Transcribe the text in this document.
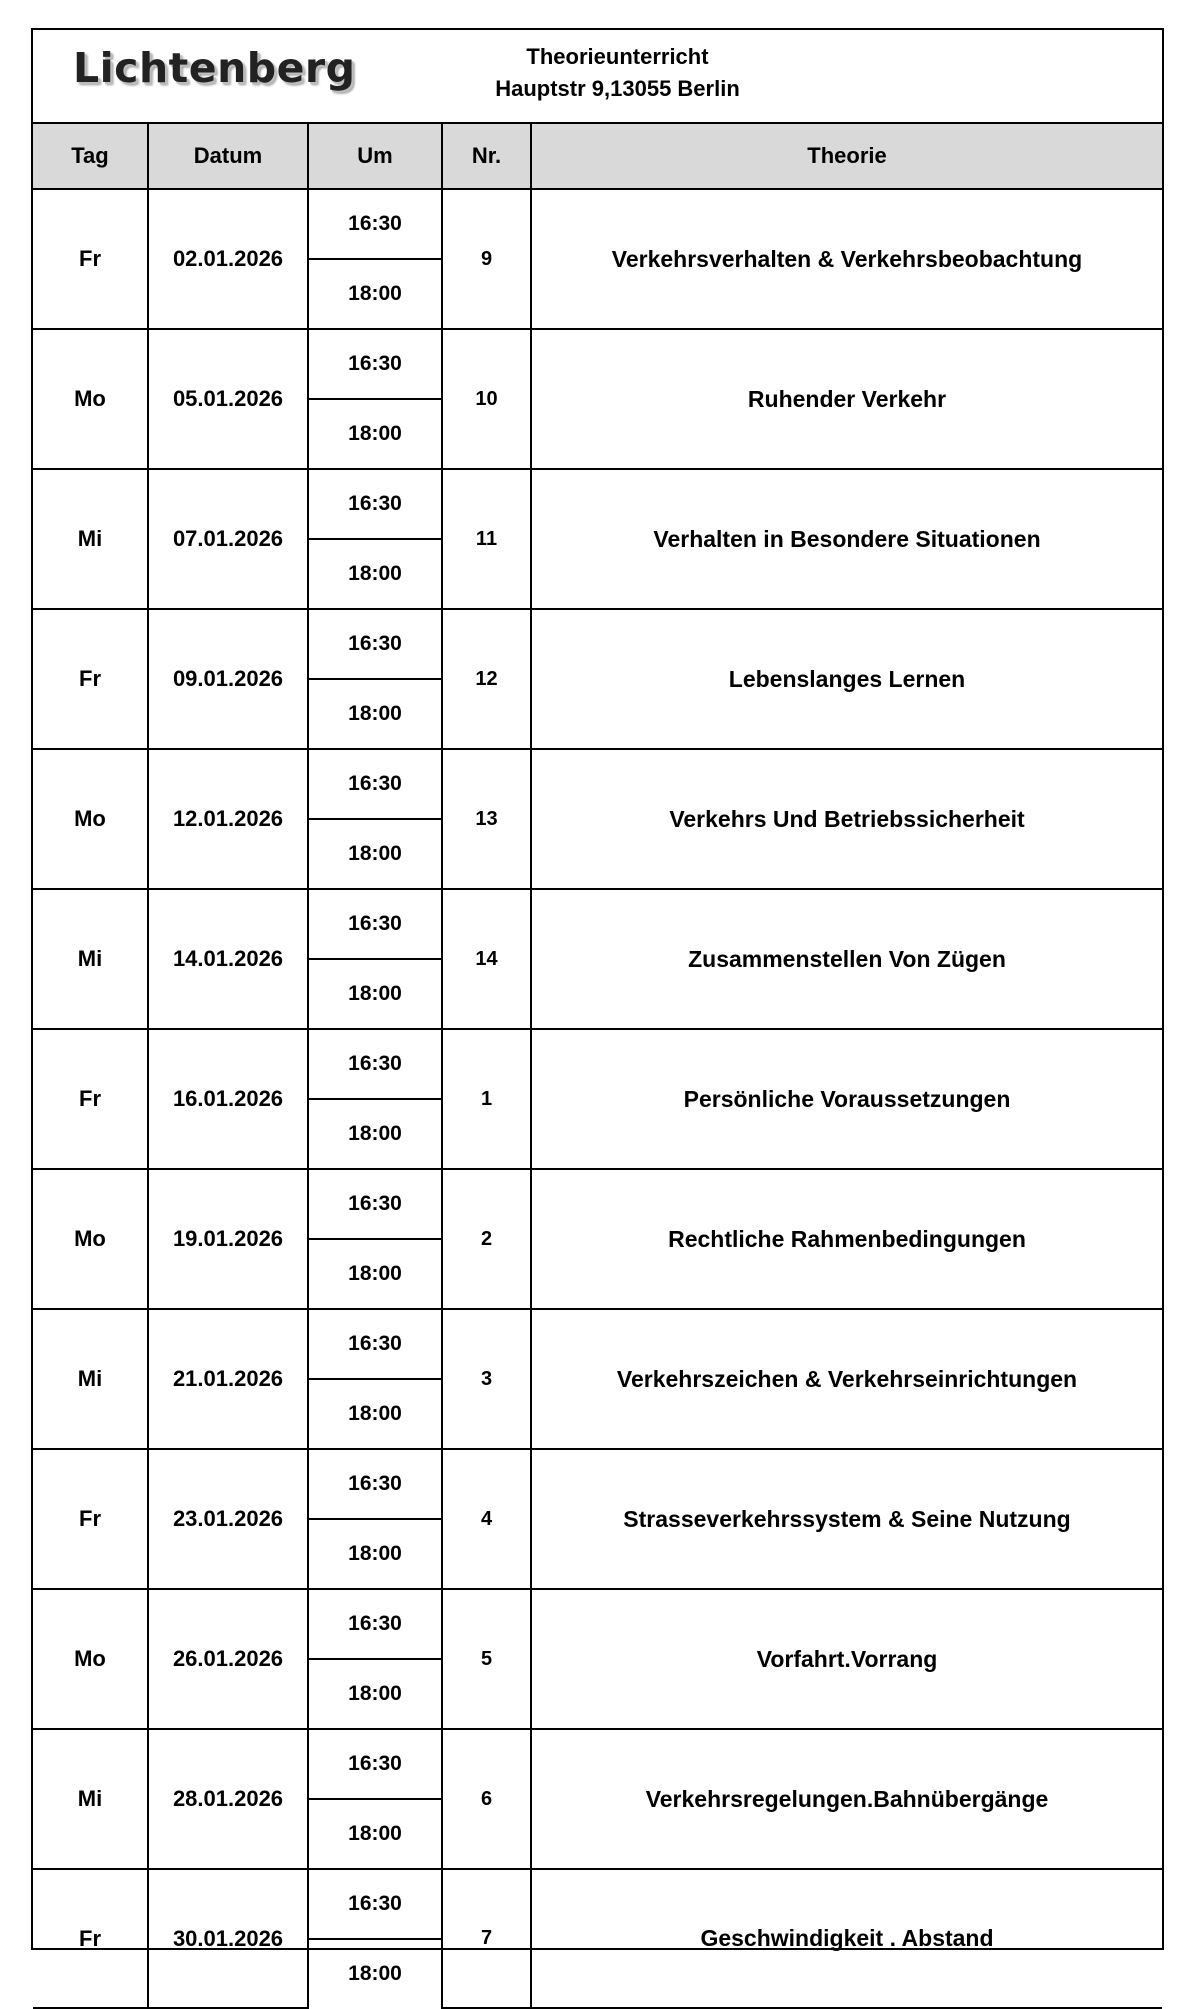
Lichtenberg	Theorieunterricht
Hauptstr 9,13055 Berlin
Tag	Datum	Um	Nr.	Theorie
Fr	02.01.2026	16:30	9	Verkehrsverhalten & Verkehrsbeobachtung
		18:00		
Mo	05.01.2026	16:30	10	Ruhender Verkehr
		18:00		
Mi	07.01.2026	16:30	11	Verhalten in Besondere Situationen
		18:00		
Fr	09.01.2026	16:30	12	Lebenslanges Lernen
		18:00		
Mo	12.01.2026	16:30	13	Verkehrs Und Betriebssicherheit
		18:00		
Mi	14.01.2026	16:30	14	Zusammenstellen Von Zügen
		18:00		
Fr	16.01.2026	16:30	1	Persönliche Voraussetzungen
		18:00		
Mo	19.01.2026	16:30	2	Rechtliche Rahmenbedingungen
		18:00		
Mi	21.01.2026	16:30	3	Verkehrszeichen & Verkehrseinrichtungen
		18:00		
Fr	23.01.2026	16:30	4	Strasseverkehrssystem & Seine Nutzung
		18:00		
Mo	26.01.2026	16:30	5	Vorfahrt.Vorrang
		18:00		
Mi	28.01.2026	16:30	6	Verkehrsregelungen.Bahnübergänge
		18:00		
Fr	30.01.2026	16:30	7	Geschwindigkeit . Abstand
		18:00		
